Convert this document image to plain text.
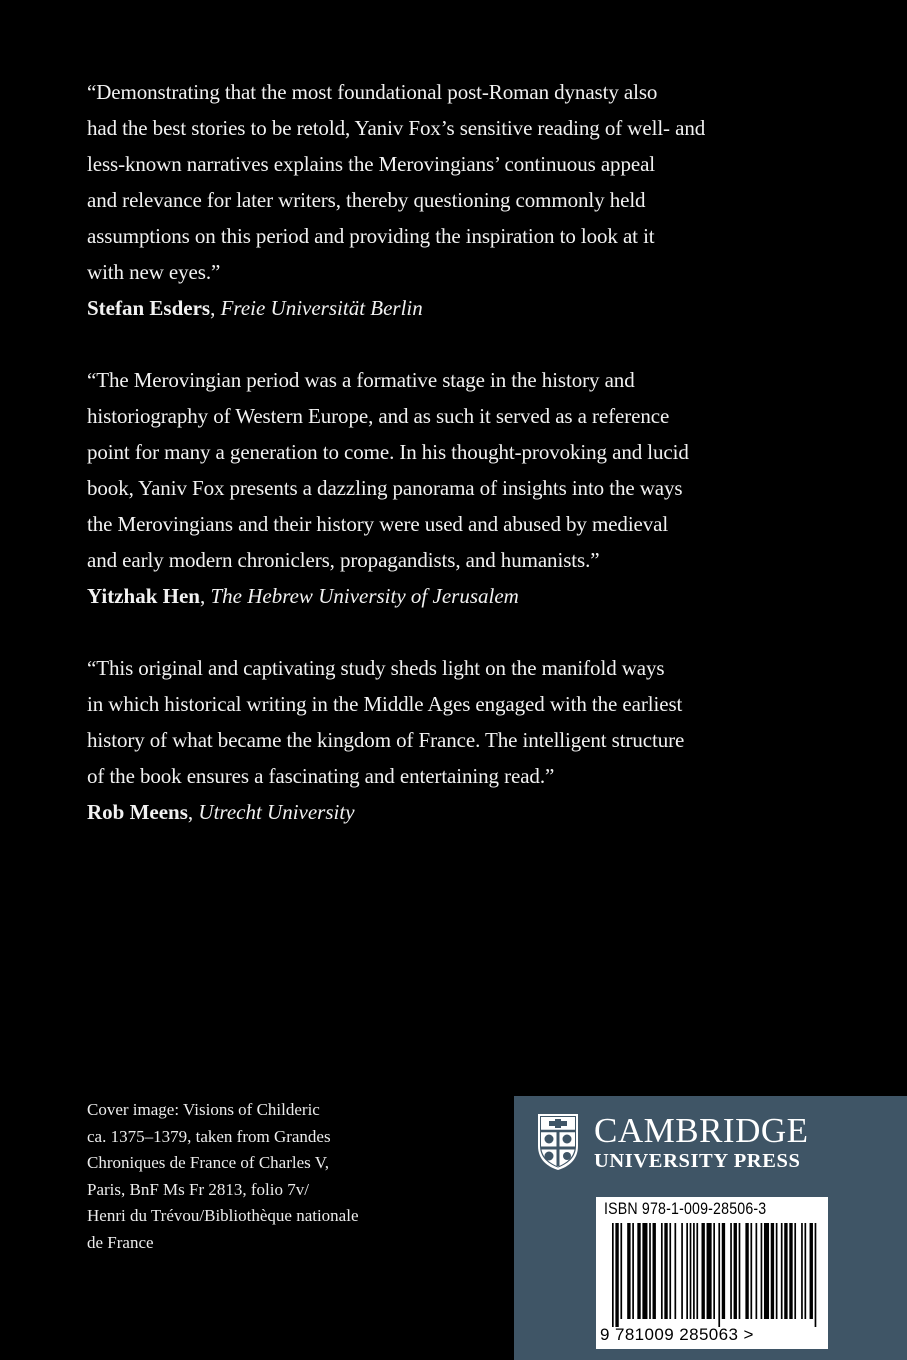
“Demonstrating that the most foundational post-Roman dynasty also
had the best stories to be retold, Yaniv Fox’s sensitive reading of well- and
less-known narratives explains the Merovingians’ continuous appeal
and relevance for later writers, thereby questioning commonly held
assumptions on this period and providing the inspiration to look at it
with new eyes.”

Stefan Esders, Freie Universität Berlin

“The Merovingian period was a formative stage in the history and
historiography of Western Europe, and as such it served as a reference
point for many a generation to come. In his thought-provoking and lucid
book, Yaniv Fox presents a dazzling panorama of insights into the ways
the Merovingians and their history were used and abused by medieval
and early modern chroniclers, propagandists, and humanists.”

Yitzhak Hen, The Hebrew University of Jerusalem

“This original and captivating study sheds light on the manifold ways
in which historical writing in the Middle Ages engaged with the earliest
history of what became the kingdom of France. The intelligent structure
of the book ensures a fascinating and entertaining read.”

Rob Meens, Utrecht University

Cover image: Visions of Childeric
ca. 1375–1379, taken from Grandes
Chroniques de France of Charles V,
Paris, BnF Ms Fr 2813, folio 7v/
Henri du Trévou/Bibliothèque nationale
de France
CAMBRIDGE
UNIVERSITY PRESS
ISBN 978-1-009-28506-3
9 781009 285063 >
